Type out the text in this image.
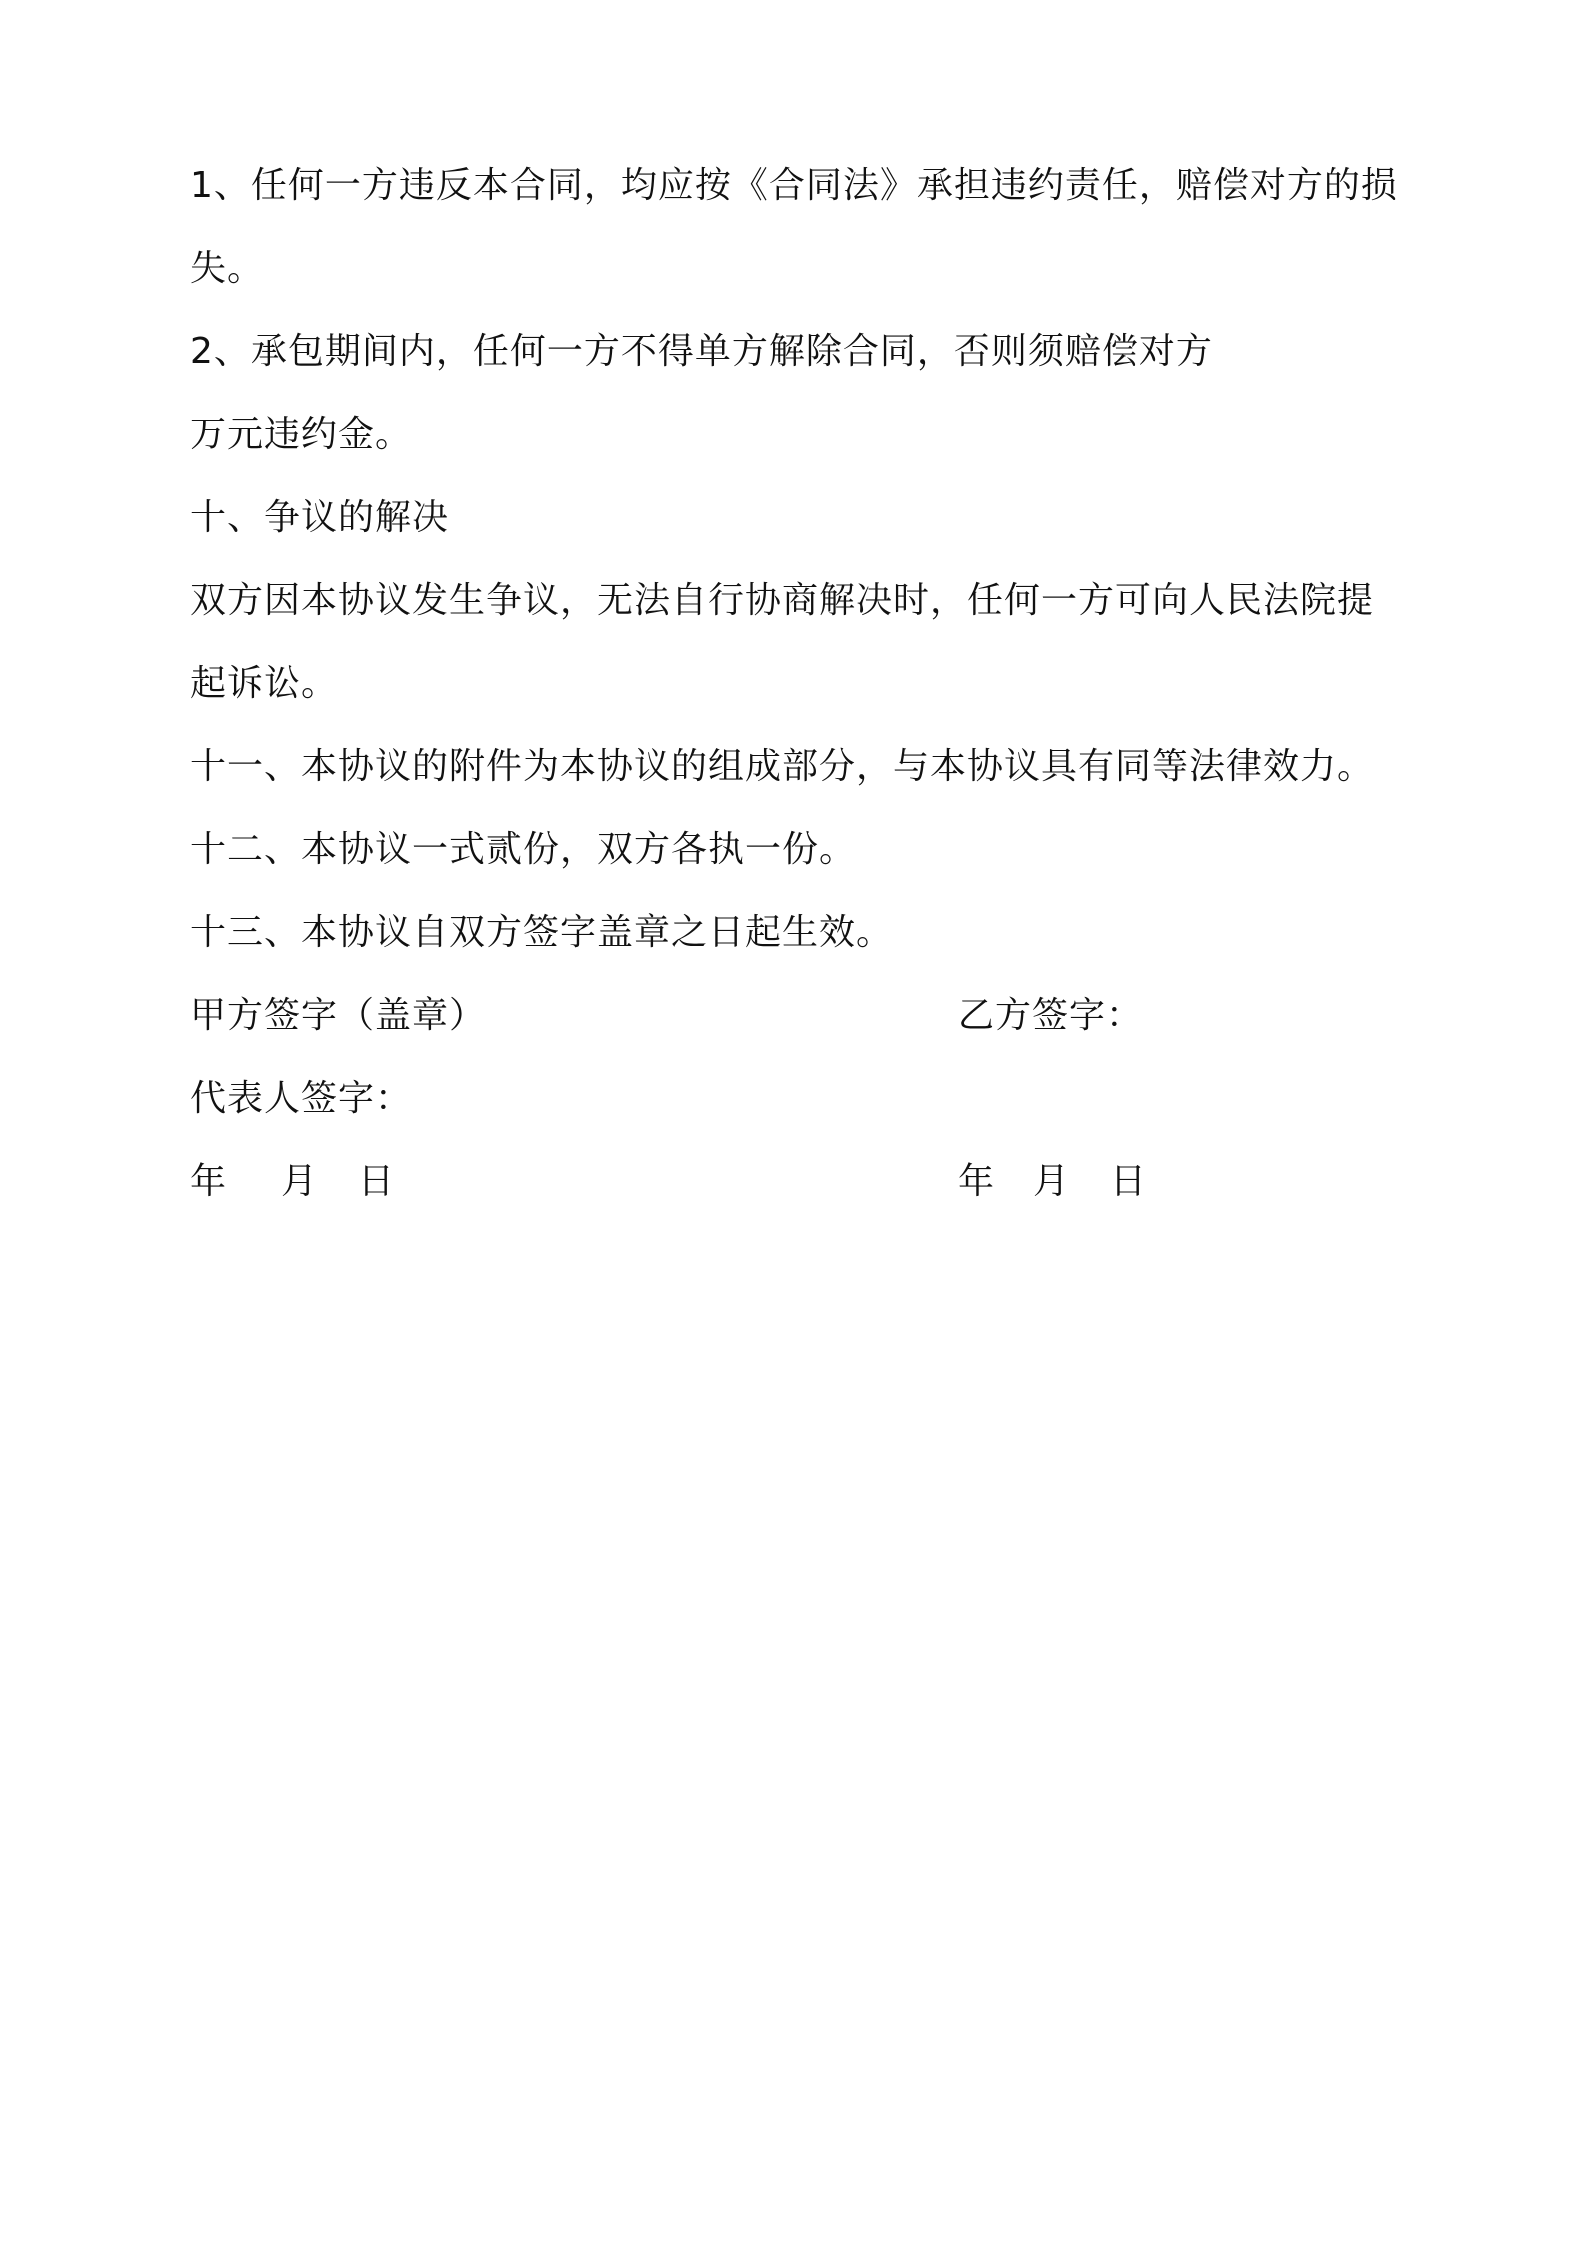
1、任何一方违反本合同，均应按《合同法》承担违约责任，赔偿对方的损
失。
2、承包期间内，任何一方不得单方解除合同，否则须赔偿对方
万元违约金。
十、争议的解决
双方因本协议发生争议，无法自行协商解决时，任何一方可向人民法院提
起诉讼。
十一、本协议的附件为本协议的组成部分，与本协议具有同等法律效力。
十二、本协议一式贰份，双方各执一份。
十三、本协议自双方签字盖章之日起生效。
甲方签字（盖章）	乙方签字：
代表人签字：
年 月 日	年 月 日
